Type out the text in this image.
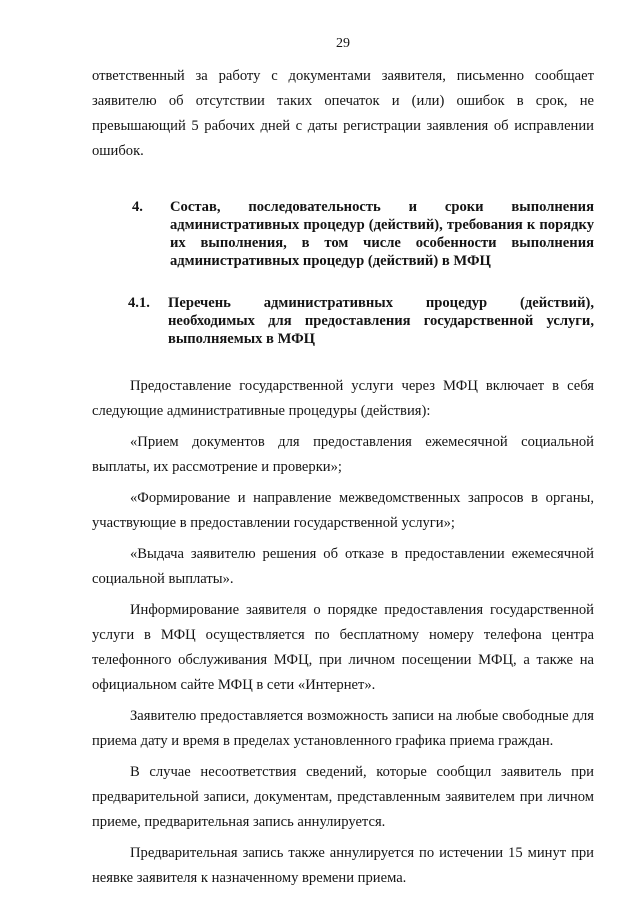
29

ответственный за работу с документами заявителя, письменно сообщает заявителю об отсутствии таких опечаток и (или) ошибок в срок, не превышающий 5 рабочих дней с даты регистрации заявления об исправлении ошибок.

4.	Состав, последовательность и сроки выполнения административных процедур (действий), требования к порядку их выполнения, в том числе особенности выполнения административных процедур (действий) в МФЦ
4.1.	Перечень административных процедур (действий), необходимых для предоставления государственной услуги, выполняемых в МФЦ

Предоставление государственной услуги через МФЦ включает в себя следующие административные процедуры (действия):

«Прием документов для предоставления ежемесячной социальной выплаты, их рассмотрение и проверки»;

«Формирование и направление межведомственных запросов в органы, участвующие в предоставлении государственной услуги»;

«Выдача заявителю решения об отказе в предоставлении ежемесячной социальной выплаты».

Информирование заявителя о порядке предоставления государственной услуги в МФЦ осуществляется по бесплатному номеру телефона центра телефонного обслуживания МФЦ, при личном посещении МФЦ, а также на официальном сайте МФЦ в сети «Интернет».

Заявителю предоставляется возможность записи на любые свободные для приема дату и время в пределах установленного графика приема граждан.

В случае несоответствия сведений, которые сообщил заявитель при предварительной записи, документам, представленным заявителем при личном приеме, предварительная запись аннулируется.

Предварительная запись также аннулируется по истечении 15 минут при неявке заявителя к назначенному времени приема.
